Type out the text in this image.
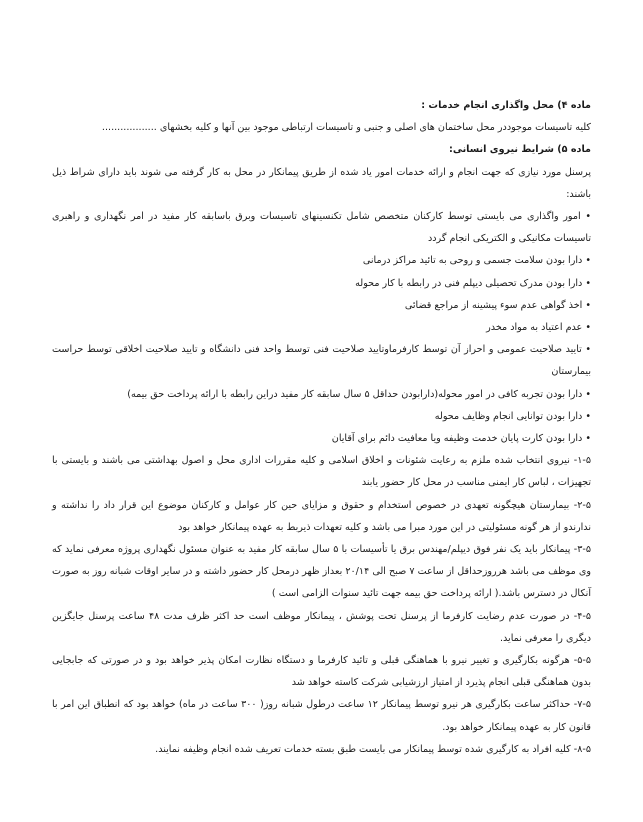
ماده ۴) محل واگذاری انجام خدمات :
کلیه تاسیسات موجوددر محل ساختمان های اصلی و جنبی و تاسیسات ارتباطی موجود بین آنها و کلیه بخشهای ..................
ماده ۵) شرایط نیروی انسانی:
پرسنل مورد نیازی که جهت انجام و ارائه خدمات امور یاد شده از طریق پیمانکار در محل به کار گرفته می شوند باید دارای شراط ذیل باشند:
• امور واگذاری می بایستی توسط کارکنان متخصص شامل تکنسینهای تاسیسات وبرق باسابقه کار مفید در امر نگهداری و راهبری تاسیسات مکانیکی و الکتریکی انجام گردد
• دارا بودن سلامت جسمی و روحی به تائید مراکز درمانی
• دارا بودن مدرک تحصیلی دیپلم فنی در رابطه با کار محوله
• اخذ گواهی عدم سوء پیشینه از مراجع قضائی
• عدم اعتیاد به مواد مخدر
• تایید صلاحیت عمومی و احراز آن توسط کارفرماوتایید صلاحیت فنی توسط واحد فنی دانشگاه و تایید صلاحیت اخلاقی توسط حراست بیمارستان
• دارا بودن تجربه کافی در امور محوله(دارابودن حداقل ۵ سال سابقه کار مفید دراین رابطه با ارائه پرداخت حق بیمه)
• دارا بودن توانایی انجام وظایف محوله
• دارا بودن کارت پایان خدمت وظیفه ویا معافیت دائم برای آقایان
۱-۵- نیروی انتخاب شده ملزم به رعایت شئونات و اخلاق اسلامی و کلیه مقررات اداری محل و اصول بهداشتی می باشند و بایستی با تجهیزات ، لباس کار ایمنی مناسب در محل کار حضور یابند
۲-۵- بیمارستان هیچگونه تعهدی در خصوص استخدام و حقوق و مزایای حین کار عوامل و کارکنان موضوع این قرار داد را نداشته و ندارندو از هر گونه مسئولیتی در این مورد مبرا می باشد و کلیه تعهدات ذیربط به عهده پیمانکار خواهد بود
۳-۵- پیمانکار باید یک نفر فوق دیپلم/مهندس برق یا تأسیسات با ۵ سال سابقه کار مفید به عنوان مسئول نگهداری پروژه معرفی نماید که وی موظف می باشد هرروزحداقل از ساعت ۷ صبح الی ۲۰/۱۴ بعداز ظهر درمحل کار حضور داشته و در سایر اوقات شبانه روز به صورت آنکال در دسترس باشد.( ارائه پرداخت حق بیمه جهت تائید سنوات الزامی است )
۴-۵- در صورت عدم رضایت کارفرما از پرسنل تحت پوشش ، پیمانکار موظف است حد اکثر ظرف مدت ۴۸ ساعت پرسنل جایگزین دیگری را معرفی نماید.
۵-۵- هرگونه بکارگیری و تغییر نیرو با هماهنگی قبلی و تائید کارفرما و دستگاه نظارت امکان پذیر خواهد بود و در صورتی که جابجایی بدون هماهنگی قبلی انجام پذیرد از امتیاز ارزشیابی شرکت کاسته خواهد شد
۷-۵- حداکثر ساعت بکارگیری هر نیرو توسط پیمانکار ۱۲ ساعت درطول شبانه روز( ۳۰۰ ساعت در ماه) خواهد بود که انطباق این امر با قانون کار به عهده پیمانکار خواهد بود.
۸-۵- کلیه افراد به کارگیری شده توسط پیمانکار می بایست طبق بسته خدمات تعریف شده انجام وظیفه نمایند.
